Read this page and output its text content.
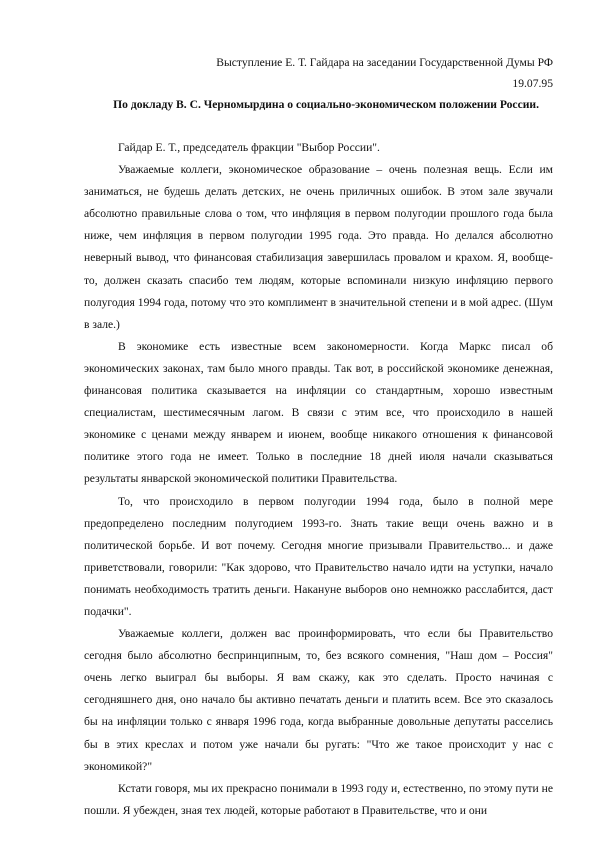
Выступление Е. Т. Гайдара на заседании Государственной Думы РФ
19.07.95
По докладу В. С. Черномырдина о социально-экономическом положении России.

Гайдар Е. Т., председатель фракции "Выбор России".

Уважаемые коллеги, экономическое образование – очень полезная вещь. Если им заниматься, не будешь делать детских, не очень приличных ошибок. В этом зале звучали абсолютно правильные слова о том, что инфляция в первом полугодии прошлого года была ниже, чем инфляция в первом полугодии 1995 года. Это правда. Но делался абсолютно неверный вывод, что финансовая стабилизация завершилась провалом и крахом. Я, вообще-то, должен сказать спасибо тем людям, которые вспоминали низкую инфляцию первого полугодия 1994 года, потому что это комплимент в значительной степени и в мой адрес. (Шум в зале.)

В экономике есть известные всем закономерности. Когда Маркс писал об экономических законах, там было много правды. Так вот, в российской экономике денежная, финансовая политика сказывается на инфляции со стандартным, хорошо известным специалистам, шестимесячным лагом. В связи с этим все, что происходило в нашей экономике с ценами между январем и июнем, вообще никакого отношения к финансовой политике этого года не имеет. Только в последние 18 дней июля начали сказываться результаты январской экономической политики Правительства.

То, что происходило в первом полугодии 1994 года, было в полной мере предопределено последним полугодием 1993-го. Знать такие вещи очень важно и в политической борьбе. И вот почему. Сегодня многие призывали Правительство... и даже приветствовали, говорили: "Как здорово, что Правительство начало идти на уступки, начало понимать необходимость тратить деньги. Накануне выборов оно немножко расслабится, даст подачки".

Уважаемые коллеги, должен вас проинформировать, что если бы Правительство сегодня было абсолютно беспринципным, то, без всякого сомнения, "Наш дом – Россия" очень легко выиграл бы выборы. Я вам скажу, как это сделать. Просто начиная с сегодняшнего дня, оно начало бы активно печатать деньги и платить всем. Все это сказалось бы на инфляции только с января 1996 года, когда выбранные довольные депутаты расселись бы в этих креслах и потом уже начали бы ругать: "Что же такое происходит у нас с экономикой?"

Кстати говоря, мы их прекрасно понимали в 1993 году и, естественно, по этому пути не пошли. Я убежден, зная тех людей, которые работают в Правительстве, что и они
